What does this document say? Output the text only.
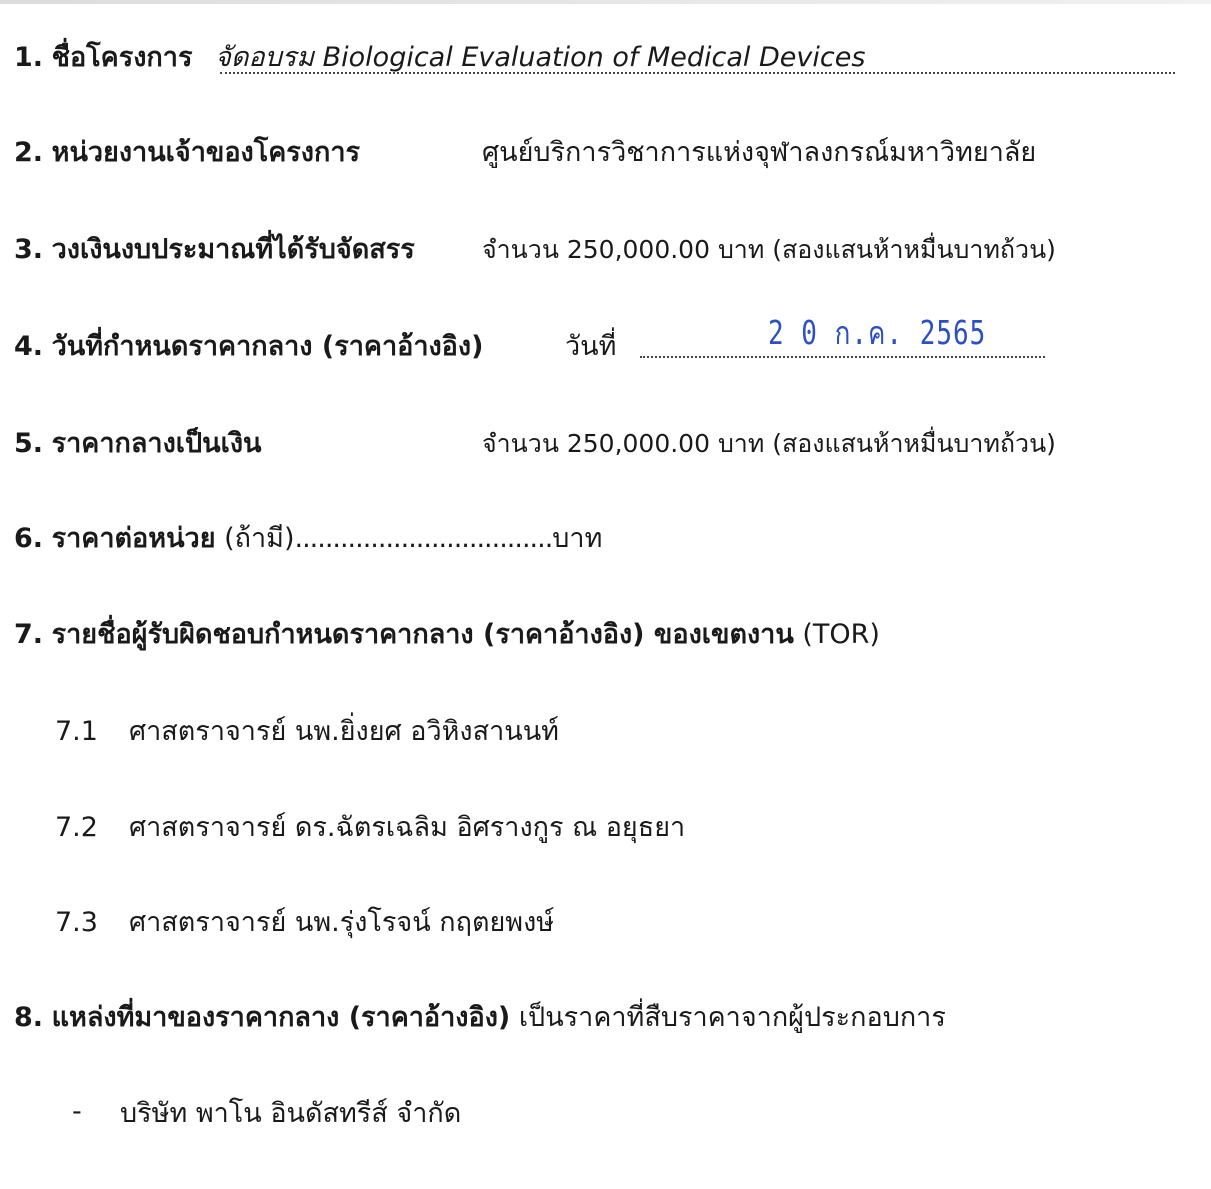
1. ชื่อโครงการ จัดอบรม Biological Evaluation of Medical Devices
2. หน่วยงานเจ้าของโครงการ	ศูนย์บริการวิชาการแห่งจุฬาลงกรณ์มหาวิทยาลัย
3. วงเงินงบประมาณที่ได้รับจัดสรร	จำนวน 250,000.00 บาท (สองแสนห้าหมื่นบาทถ้วน)
4. วันที่กำหนดราคากลาง (ราคาอ้างอิง)	วันที่	2 0 ก.ค. 2565
5. ราคากลางเป็นเงิน	จำนวน 250,000.00 บาท (สองแสนห้าหมื่นบาทถ้วน)
6. ราคาต่อหน่วย (ถ้ามี)..................................บาท
7. รายชื่อผู้รับผิดชอบกำหนดราคากลาง (ราคาอ้างอิง) ของเขตงาน (TOR)
7.1 ศาสตราจารย์ นพ.ยิ่งยศ อวิหิงสานนท์
7.2 ศาสตราจารย์ ดร.ฉัตรเฉลิม อิศรางกูร ณ อยุธยา
7.3 ศาสตราจารย์ นพ.รุ่งโรจน์ กฤตยพงษ์
8. แหล่งที่มาของราคากลาง (ราคาอ้างอิง) เป็นราคาที่สืบราคาจากผู้ประกอบการ
- บริษัท พาโน อินดัสทรีส์ จำกัด
